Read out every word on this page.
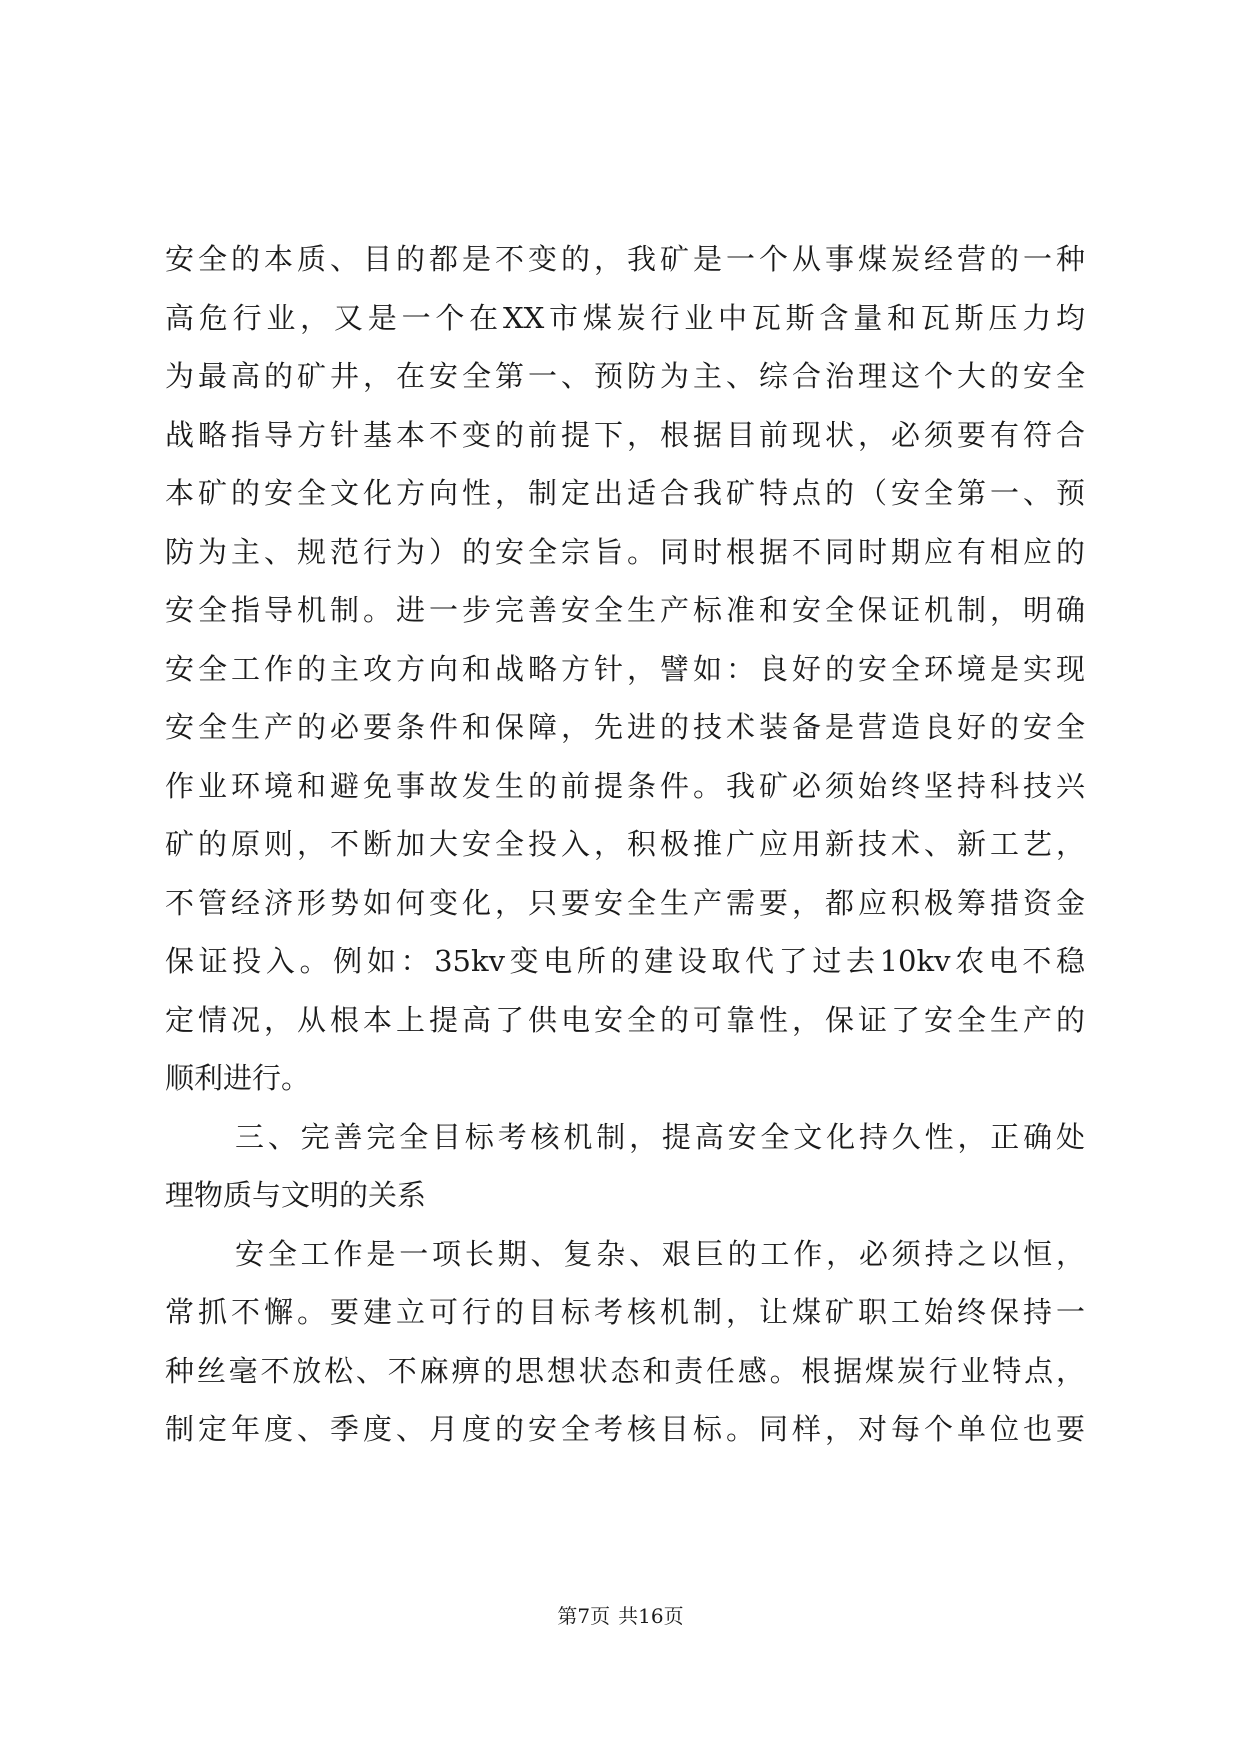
安全的本质、目的都是不变的，我矿是一个从事煤炭经营的一种
高危行业，又是一个在XX市煤炭行业中瓦斯含量和瓦斯压力均
为最高的矿井，在安全第一、预防为主、综合治理这个大的安全
战略指导方针基本不变的前提下，根据目前现状，必须要有符合
本矿的安全文化方向性，制定出适合我矿特点的（安全第一、预
防为主、规范行为）的安全宗旨。同时根据不同时期应有相应的
安全指导机制。进一步完善安全生产标准和安全保证机制，明确
安全工作的主攻方向和战略方针，譬如：良好的安全环境是实现
安全生产的必要条件和保障，先进的技术装备是营造良好的安全
作业环境和避免事故发生的前提条件。我矿必须始终坚持科技兴
矿的原则，不断加大安全投入，积极推广应用新技术、新工艺，
不管经济形势如何变化，只要安全生产需要，都应积极筹措资金
保证投入。例如：35kv变电所的建设取代了过去10kv农电不稳
定情况，从根本上提高了供电安全的可靠性，保证了安全生产的
顺利进行。
三、完善完全目标考核机制，提高安全文化持久性，正确处
理物质与文明的关系
安全工作是一项长期、复杂、艰巨的工作，必须持之以恒，
常抓不懈。要建立可行的目标考核机制，让煤矿职工始终保持一
种丝毫不放松、不麻痹的思想状态和责任感。根据煤炭行业特点，
制定年度、季度、月度的安全考核目标。同样，对每个单位也要
第7页 共16页
